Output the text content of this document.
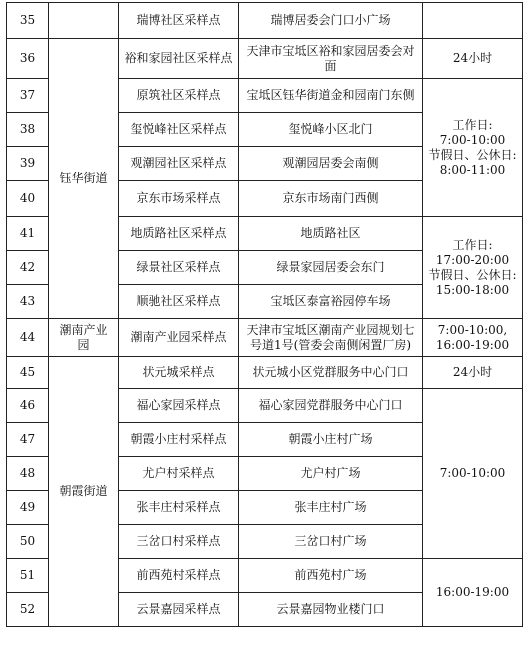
35		瑞博社区采样点	瑞博居委会门口小广场	
36	钰华街道	裕和家园社区采样点	天津市宝坻区裕和家园居委会对
面	24小时
37		原筑社区采样点	宝坻区钰华街道金和园南门东侧	工作日:
7:00-10:00
节假日、公休日:
8:00-11:00
38		玺悦峰社区采样点	玺悦峰小区北门	
39		观潮园社区采样点	观潮园居委会南侧	
40		京东市场采样点	京东市场南门西侧	
41		地质路社区采样点	地质路社区	工作日:
17:00-20:00
节假日、公休日:
15:00-18:00
42		绿景社区采样点	绿景家园居委会东门	
43		顺驰社区采样点	宝坻区泰富裕园停车场	
44	潮南产业
园	潮南产业园采样点	天津市宝坻区潮南产业园规划七
号道1号(管委会南侧闲置厂房)	7:00-10:00,
16:00-19:00
45	朝霞街道	状元城采样点	状元城小区党群服务中心门口	24小时
46		福心家园采样点	福心家园党群服务中心门口	7:00-10:00
47		朝霞小庄村采样点	朝霞小庄村广场	
48		尤户村采样点	尤户村广场	
49		张丰庄村采样点	张丰庄村广场	
50		三岔口村采样点	三岔口村广场	
51		前西苑村采样点	前西苑村广场	16:00-19:00
52		云景嘉园采样点	云景嘉园物业楼门口	
